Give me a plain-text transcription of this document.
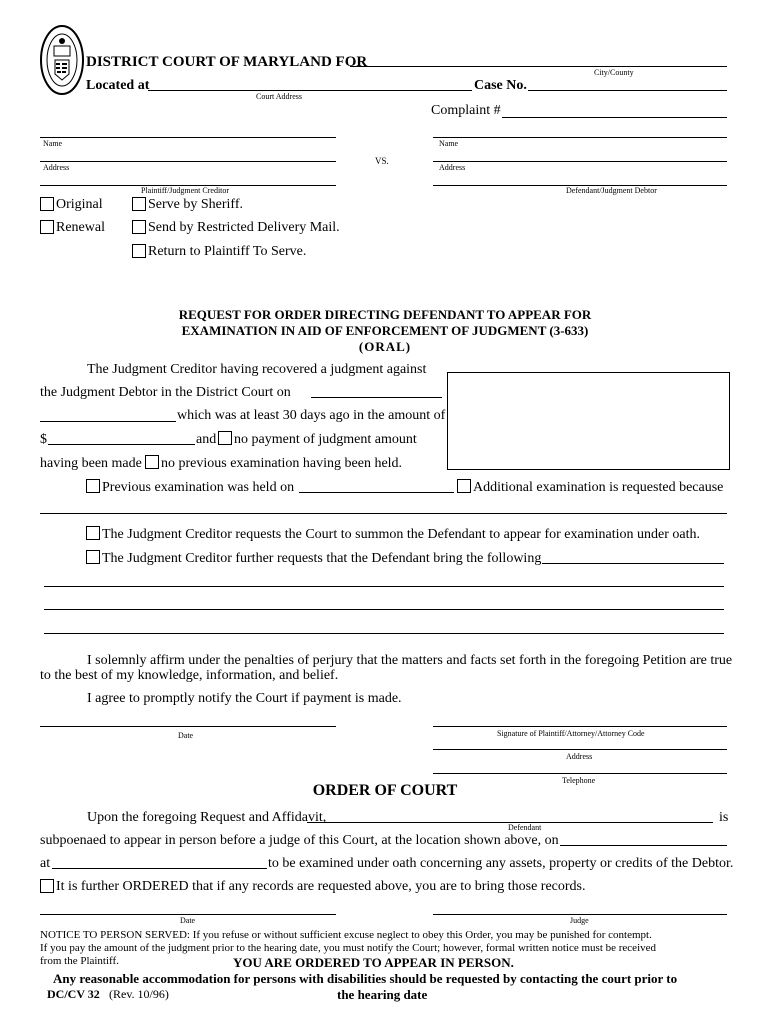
DISTRICT COURT OF MARYLAND FOR
City/County
Located at
Court Address
Case No.
Complaint #
Name
Address
Plaintiff/Judgment Creditor
VS.
Name
Address
Defendant/Judgment Debtor
Original
Renewal
Serve by Sheriff.
Send by Restricted Delivery Mail.
Return to Plaintiff To Serve.
REQUEST FOR ORDER DIRECTING DEFENDANT TO APPEAR FOR
EXAMINATION IN AID OF ENFORCEMENT OF JUDGMENT (3-633)
(ORAL)
The Judgment Creditor having recovered a judgment against
the Judgment Debtor in the District Court on
which was at least 30 days ago in the amount of
$	and no payment of judgment amount
having been made no previous examination having been held.
Previous examination was held on	Additional examination is requested because
The Judgment Creditor requests the Court to summon the Defendant to appear for examination under oath.
The Judgment Creditor further requests that the Defendant bring the following
I solemnly affirm under the penalties of perjury that the matters and facts set forth in the foregoing Petition are true
to the best of my knowledge, information, and belief.
I agree to promptly notify the Court if payment is made.
Date	Signature of Plaintiff/Attorney/Attorney Code
Address
Telephone
ORDER OF COURT
Upon the foregoing Request and Affidavit,	is
Defendant
subpoenaed to appear in person before a judge of this Court, at the location shown above, on
at	to be examined under oath concerning any assets, property or credits of the Debtor.
It is further ORDERED that if any records are requested above, you are to bring those records.
Date	Judge
NOTICE TO PERSON SERVED: If you refuse or without sufficient excuse neglect to obey this Order, you may be punished for contempt.
If you pay the amount of the judgment prior to the hearing date, you must notify the Court; however, formal written notice must be received
from the Plaintiff.	YOU ARE ORDERED TO APPEAR IN PERSON.
Any reasonable accommodation for persons with disabilities should be requested by contacting the court prior to
the hearing date
DC/CV 32 (Rev. 10/96)
